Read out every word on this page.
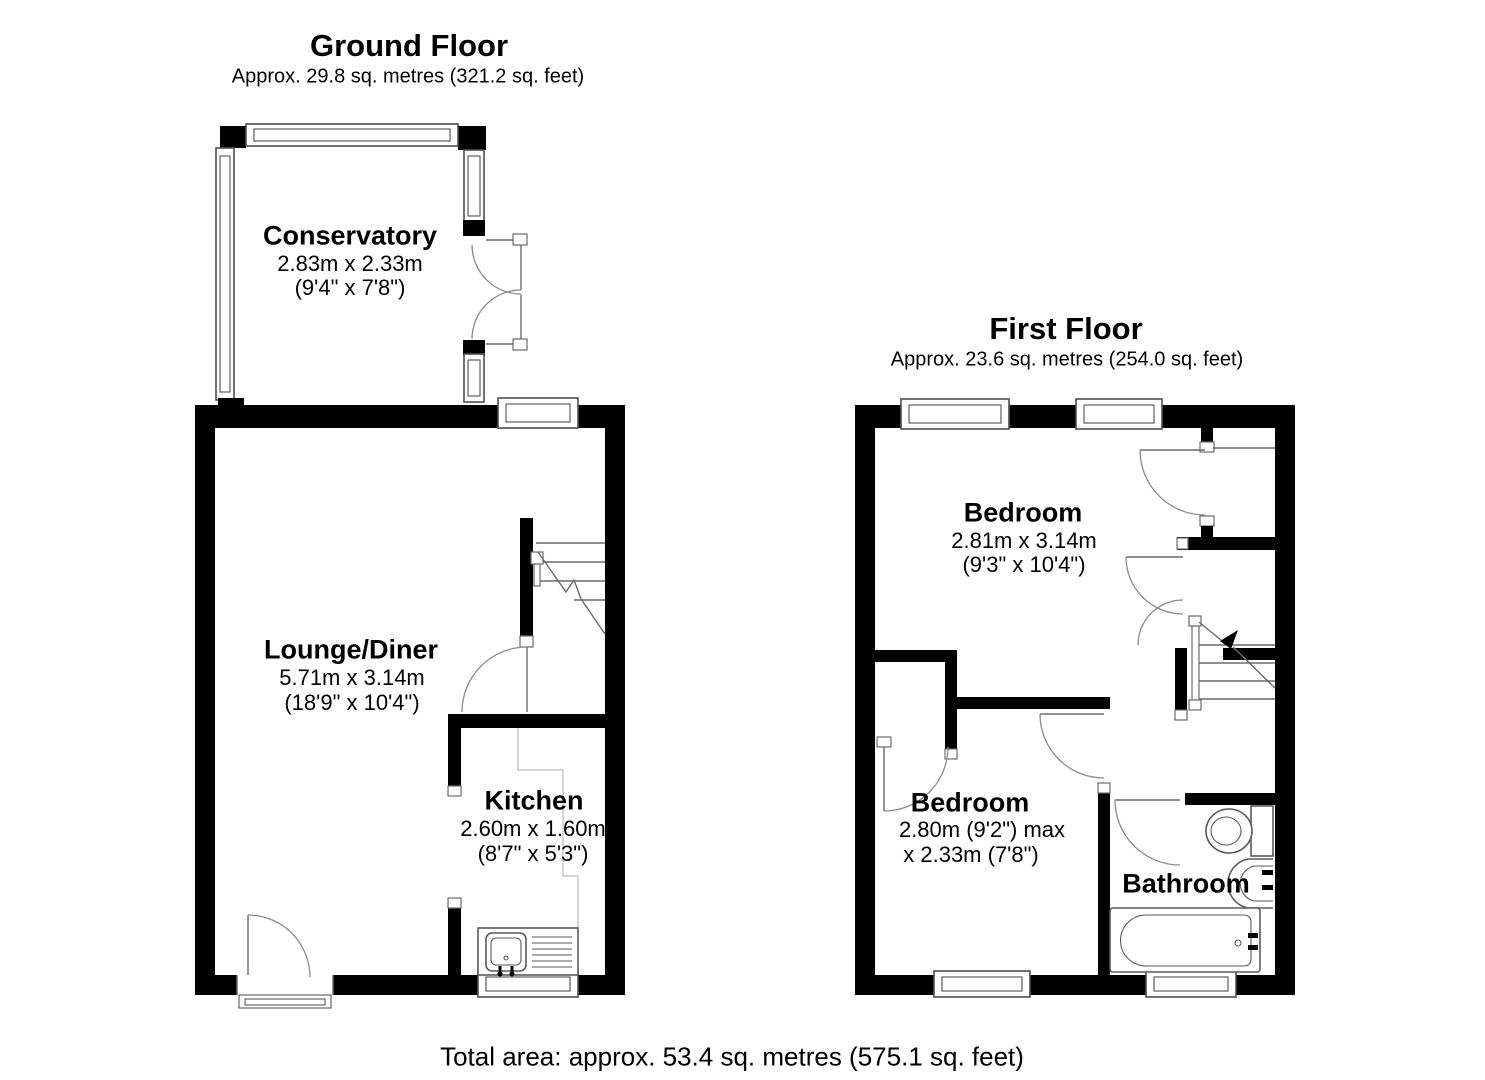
Ground Floor
Approx. 29.8 sq. metres (321.2 sq. feet)
Conservatory
2.83m x 2.33m
(9'4" x 7'8")
Lounge/Diner
5.71m x 3.14m
(18'9" x 10'4")
Kitchen
2.60m x 1.60m
(8'7" x 5'3")
First Floor
Approx. 23.6 sq. metres (254.0 sq. feet)
Bedroom
2.81m x 3.14m
(9'3" x 10'4")
Bedroom
2.80m (9'2") max
x 2.33m (7'8")
Bathroom
Total area: approx. 53.4 sq. metres (575.1 sq. feet)
